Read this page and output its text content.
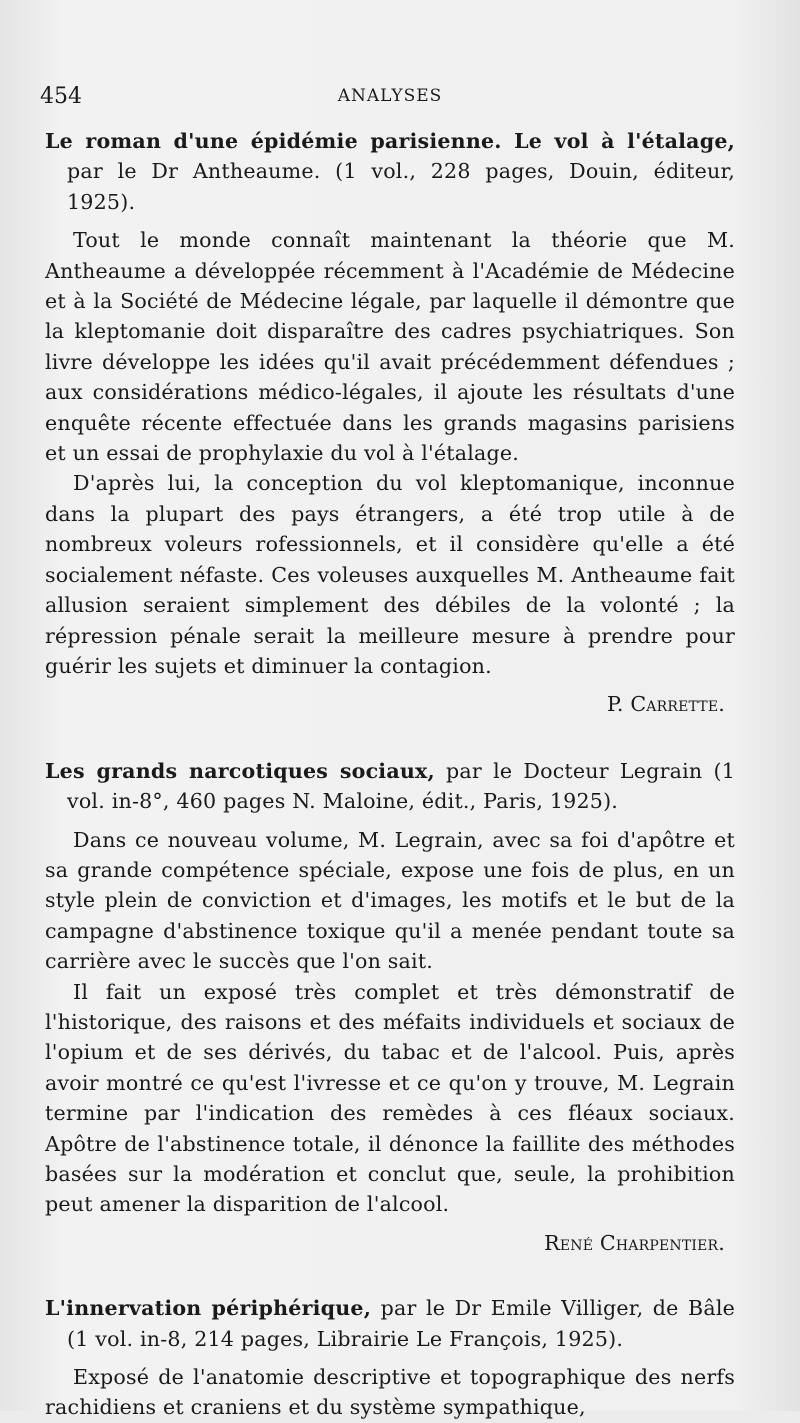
454	ANALYSES

Le roman d'une épidémie parisienne. Le vol à l'étalage, par le Dr Antheaume. (1 vol., 228 pages, Douin, éditeur, 1925).

Tout le monde connaît maintenant la théorie que M. Antheaume a développée récemment à l'Académie de Médecine et à la Société de Médecine légale, par laquelle il démontre que la kleptomanie doit disparaître des cadres psychiatriques. Son livre développe les idées qu'il avait précédemment défendues ; aux considérations médico-légales, il ajoute les résultats d'une enquête récente effectuée dans les grands magasins parisiens et un essai de prophylaxie du vol à l'étalage.

D'après lui, la conception du vol kleptomanique, inconnue dans la plupart des pays étrangers, a été trop utile à de nombreux voleurs rofessionnels, et il considère qu'elle a été socialement néfaste. Ces voleuses auxquelles M. Antheaume fait allusion seraient simplement des débiles de la volonté ; la répression pénale serait la meilleure mesure à prendre pour guérir les sujets et diminuer la contagion.

P. Carrette.

Les grands narcotiques sociaux, par le Docteur Legrain (1 vol. in-8°, 460 pages N. Maloine, édit., Paris, 1925).

Dans ce nouveau volume, M. Legrain, avec sa foi d'apôtre et sa grande compétence spéciale, expose une fois de plus, en un style plein de conviction et d'images, les motifs et le but de la campagne d'abstinence toxique qu'il a menée pendant toute sa carrière avec le succès que l'on sait.

Il fait un exposé très complet et très démonstratif de l'historique, des raisons et des méfaits individuels et sociaux de l'opium et de ses dérivés, du tabac et de l'alcool. Puis, après avoir montré ce qu'est l'ivresse et ce qu'on y trouve, M. Legrain termine par l'indication des remèdes à ces fléaux sociaux. Apôtre de l'abstinence totale, il dénonce la faillite des méthodes basées sur la modération et conclut que, seule, la prohibition peut amener la disparition de l'alcool.

René Charpentier.

L'innervation périphérique, par le Dr Emile Villiger, de Bâle (1 vol. in-8, 214 pages, Librairie Le François, 1925).

Exposé de l'anatomie descriptive et topographique des nerfs rachidiens et craniens et du système sympathique,
